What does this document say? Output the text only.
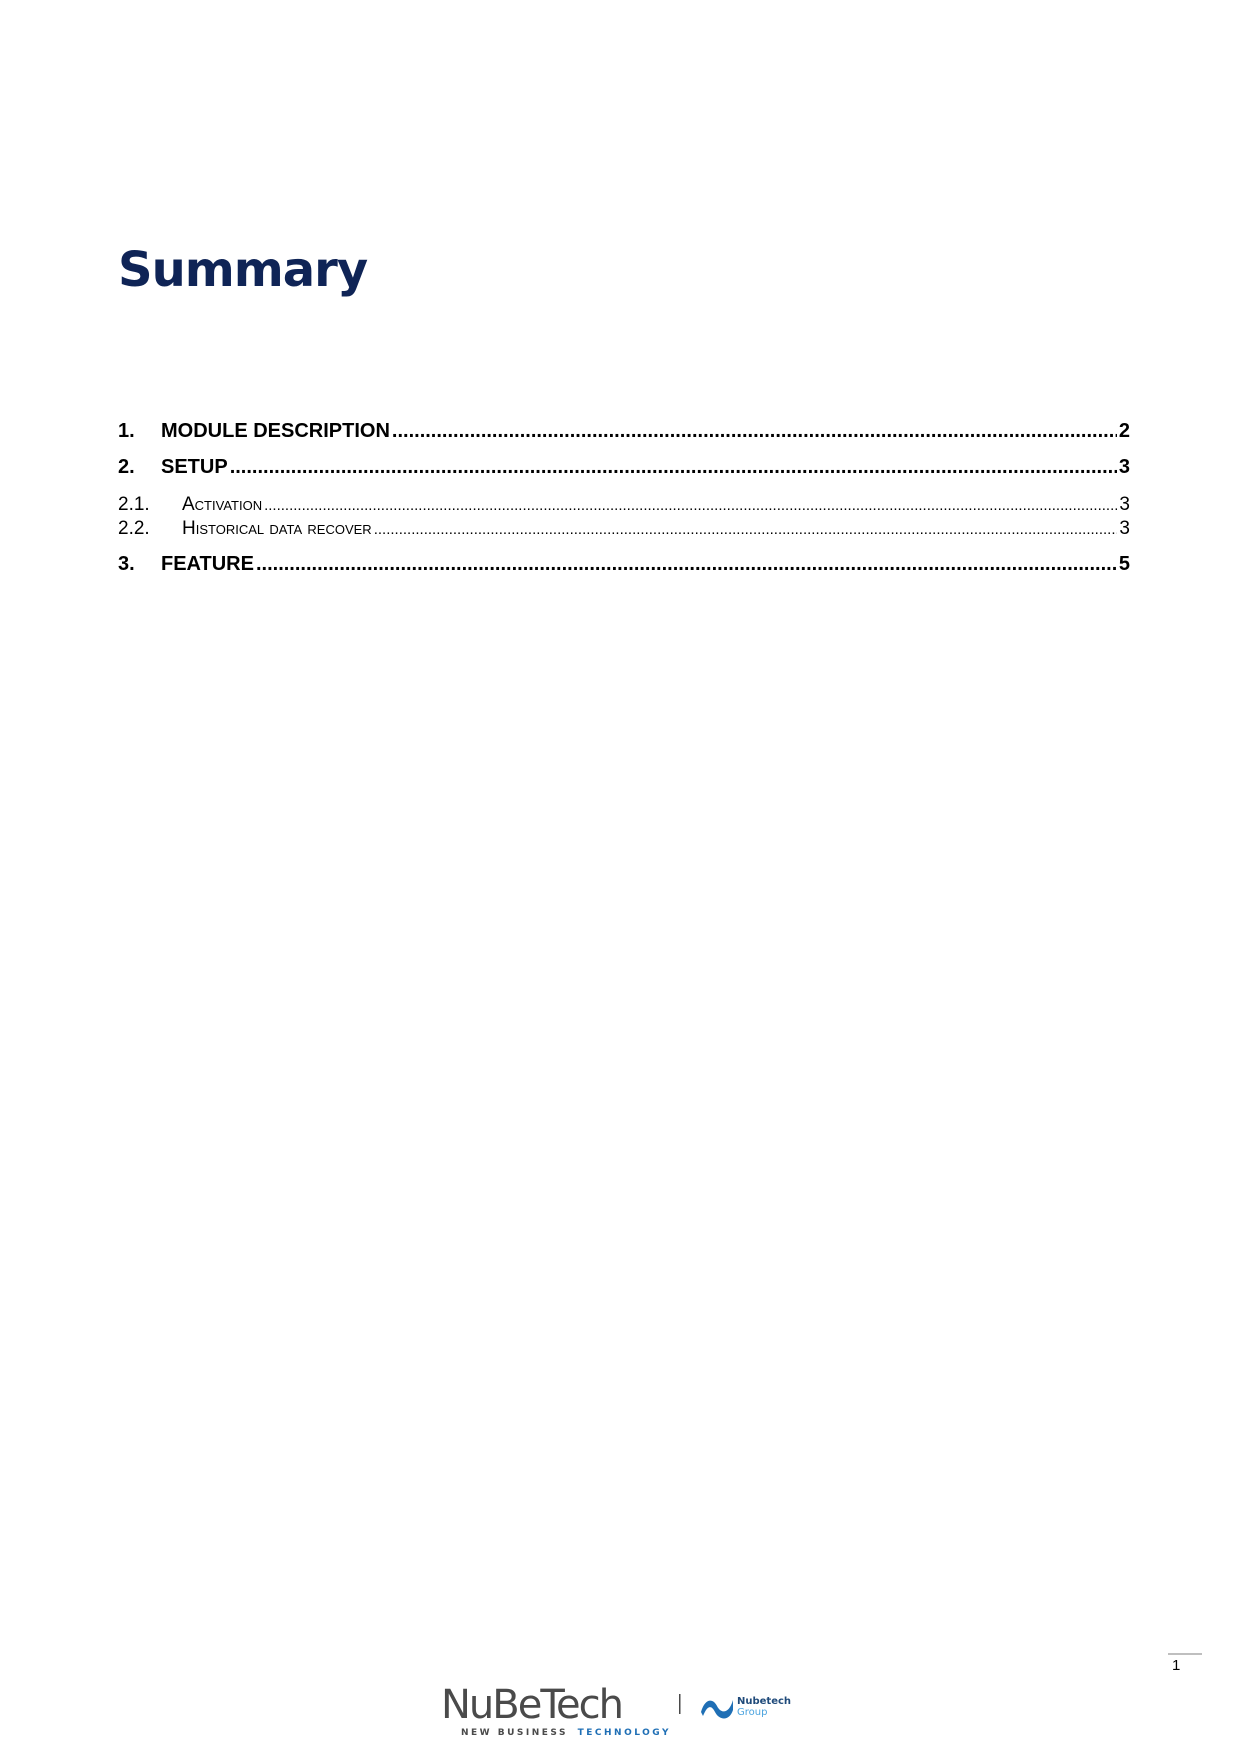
Summary
1.	MODULE DESCRIPTION .....	2
2.	SETUP .....	3
2.1.	Activation .....	3
2.2.	Historical data recover .....	3
3.	FEATURE .....	5
1
NuBeTech
NEW BUSINESS TECHNOLOGY
Nubetech
Group
